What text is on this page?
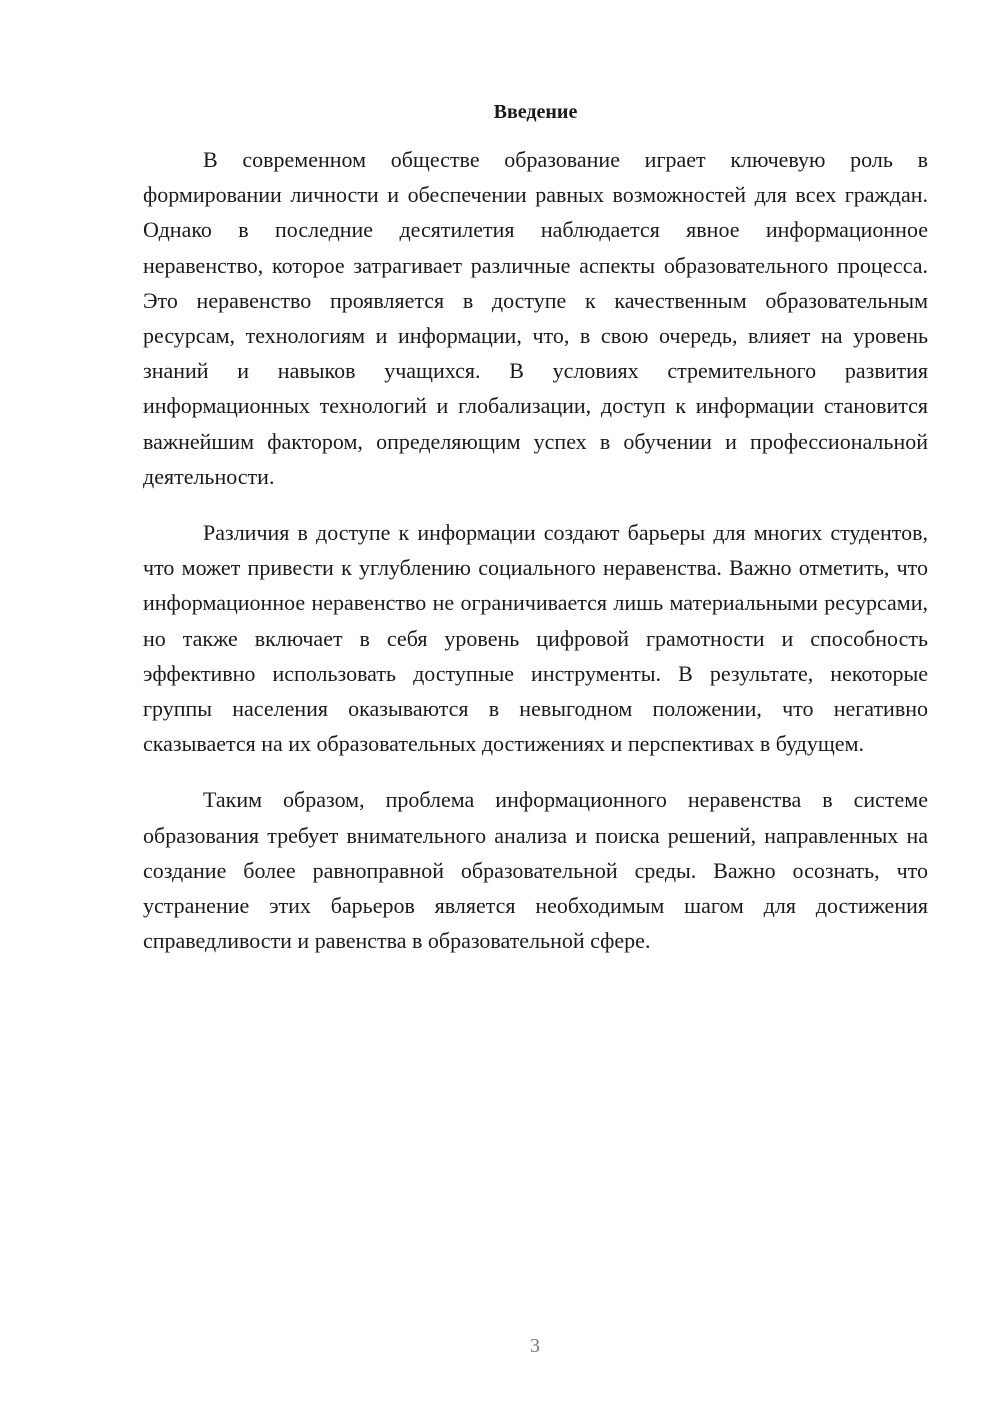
Введение

В современном обществе образование играет ключевую роль в формировании личности и обеспечении равных возможностей для всех граждан. Однако в последние десятилетия наблюдается явное информационное неравенство, которое затрагивает различные аспекты образовательного процесса. Это неравенство проявляется в доступе к качественным образовательным ресурсам, технологиям и информации, что, в свою очередь, влияет на уровень знаний и навыков учащихся. В условиях стремительного развития информационных технологий и глобализации, доступ к информации становится важнейшим фактором, определяющим успех в обучении и профессиональной деятельности.

Различия в доступе к информации создают барьеры для многих студентов, что может привести к углублению социального неравенства. Важно отметить, что информационное неравенство не ограничивается лишь материальными ресурсами, но также включает в себя уровень цифровой грамотности и способность эффективно использовать доступные инструменты. В результате, некоторые группы населения оказываются в невыгодном положении, что негативно сказывается на их образовательных достижениях и перспективах в будущем.

Таким образом, проблема информационного неравенства в системе образования требует внимательного анализа и поиска решений, направленных на создание более равноправной образовательной среды. Важно осознать, что устранение этих барьеров является необходимым шагом для достижения справедливости и равенства в образовательной сфере.

3
